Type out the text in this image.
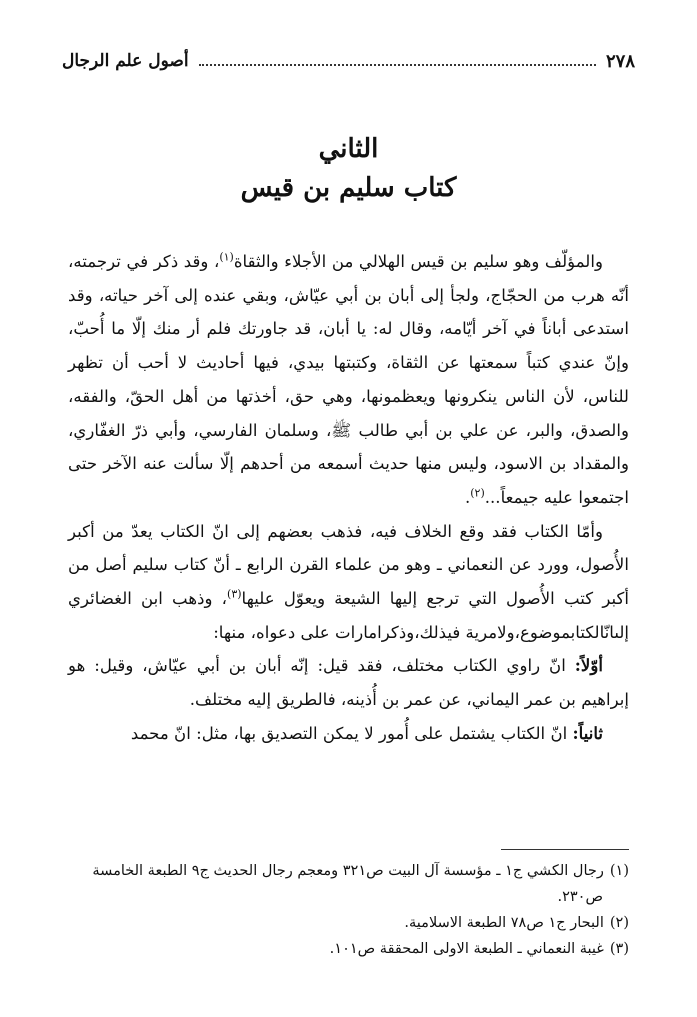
٢٧٨
أصول علم الرجال
الثاني
كتاب سليم بن قيس

والمؤلّف وهو سليم بن قيس الهلالي من الأجلاء والثقاة$^{(١)}$، وقد ذكر في ترجمته، أنّه هرب من الحجّاج، ولجأ إلى أبان بن أبي عيّاش، وبقي عنده إلى آخر حياته، وقد استدعى أباناً في آخر أيّامه، وقال له: يا أبان، قد جاورتك فلم أر منك إلّا ما أُحبّ، وإنّ عندي كتباً سمعتها عن الثقاة، وكتبتها بيدي، فيها أحاديث لا أحب أن تظهر للناس، لأن الناس ينكرونها ويعظمونها، وهي حق، أخذتها من أهل الحقّ، والفقه، والصدق، والبر، عن علي بن أبي طالب ﷺ، وسلمان الفارسي، وأبي ذرّ الغفّاري، والمقداد بن الاسود، وليس منها حديث أسمعه من أحدهم إلّا سألت عنه الآخر حتى اجتمعوا عليه جيمعاً...$^{(٢)}$.

وأمّا الكتاب فقد وقع الخلاف فيه، فذهب بعضهم إلى انّ الكتاب يعدّ من أكبر الأُصول، وورد عن النعماني ـ وهو من علماء القرن الرابع ـ أنّ كتاب سليم أصل من أكبر كتب الأُصول التي ترجع إليها الشيعة ويعوّل عليها$^{(٣)}$، وذهب ابن الغضائري إلىانّالكتابموضوع،ولامرية فيذلك،وذكرامارات على دعواه، منها:

أوّلاً: انّ راوي الكتاب مختلف، فقد قيل: إنّه أبان بن أبي عيّاش، وقيل: هو إبراهيم بن عمر اليماني، عن عمر بن أُذينه، فالطريق إليه مختلف.

ثانياً: انّ الكتاب يشتمل على أُمور لا يمكن التصديق بها، مثل: انّ محمد

(١)رجال الكشي ج١ ـ مؤسسة آل البيت ص٣٢١ ومعجم رجال الحديث ج٩ الطبعة الخامسة ص٢٣٠.

(٢)البحار ج١ ص٧٨ الطبعة الاسلامية.

(٣)غيبة النعماني ـ الطبعة الاولى المحققة ص١٠١.
